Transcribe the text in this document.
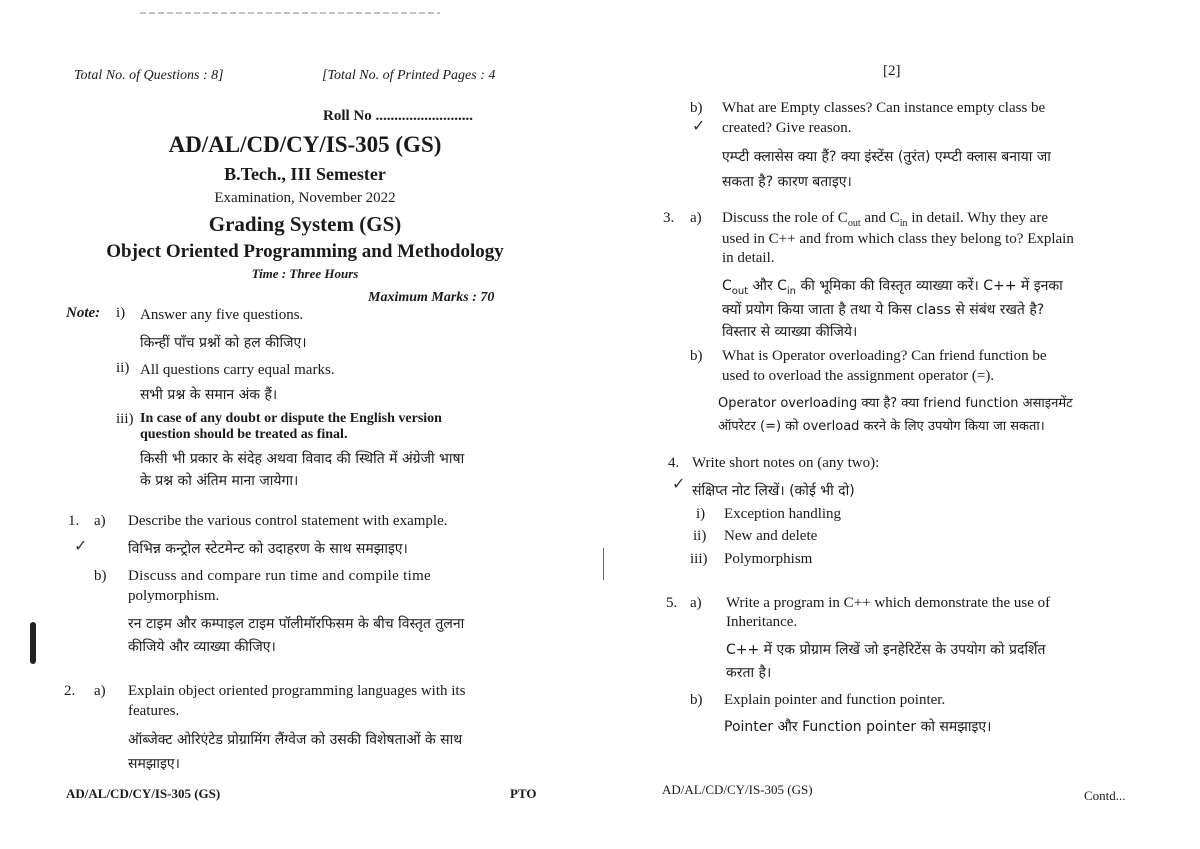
Total No. of Questions : 8]	[Total No. of Printed Pages : 4
Roll No ..........................
AD/AL/CD/CY/IS-305 (GS)
B.Tech., III Semester
Examination, November 2022
Grading System (GS)
Object Oriented Programming and Methodology
Time : Three Hours
Maximum Marks : 70
Note: i) Answer any five questions.
किन्हीं पाँच प्रश्नों को हल कीजिए।
ii) All questions carry equal marks.
सभी प्रश्न के समान अंक हैं।
iii) In case of any doubt or dispute the English version
question should be treated as final.
किसी भी प्रकार के संदेह अथवा विवाद की स्थिति में अंग्रेजी भाषा
के प्रश्न को अंतिम माना जायेगा।
1. a) Describe the various control statement with example.
✓	विभिन्न कन्ट्रोल स्टेटमेन्ट को उदाहरण के साथ समझाइए।
b) Discuss and compare run time and compile time
polymorphism.
रन टाइम और कम्पाइल टाइम पॉलीमॉरफिसम के बीच विस्तृत तुलना
कीजिये और व्याख्या कीजिए।
2. a) Explain object oriented programming languages with its
features.
ऑब्जेक्ट ओरिएंटेड प्रोग्रामिंग लैंग्वेज को उसकी विशेषताओं के साथ
समझाइए।
AD/AL/CD/CY/IS-305 (GS)	PTO
[2]
b) What are Empty classes? Can instance empty class be
✓ created? Give reason.
एम्प्टी क्लासेस क्या हैं? क्या इंस्टेंस (तुरंत) एम्प्टी क्लास बनाया जा
सकता है? कारण बताइए।
3. a) Discuss the role of $C_{out}$ and $C_{in}$ in detail. Why they are
used in C++ and from which class they belong to? Explain
in detail.
$C_{out}$ और $C_{in}$ की भूमिका की विस्तृत व्याख्या करें। C++ में इनका
क्यों प्रयोग किया जाता है तथा ये किस class से संबंध रखते है?
विस्तार से व्याख्या कीजिये।
b) What is Operator overloading? Can friend function be
used to overload the assignment operator (=).
Operator overloading क्या है? क्या friend function असाइनमेंट
ऑपरेटर (=) को overload करने के लिए उपयोग किया जा सकता।
4. Write short notes on (any two):
✓ संक्षिप्त नोट लिखें। (कोई भी दो)
i) Exception handling
ii) New and delete
iii) Polymorphism
5. a) Write a program in C++ which demonstrate the use of
Inheritance.
C++ में एक प्रोग्राम लिखें जो इनहेरिटेंस के उपयोग को प्रदर्शित
करता है।
b) Explain pointer and function pointer.
Pointer और Function pointer को समझाइए।
AD/AL/CD/CY/IS-305 (GS)	Contd...
